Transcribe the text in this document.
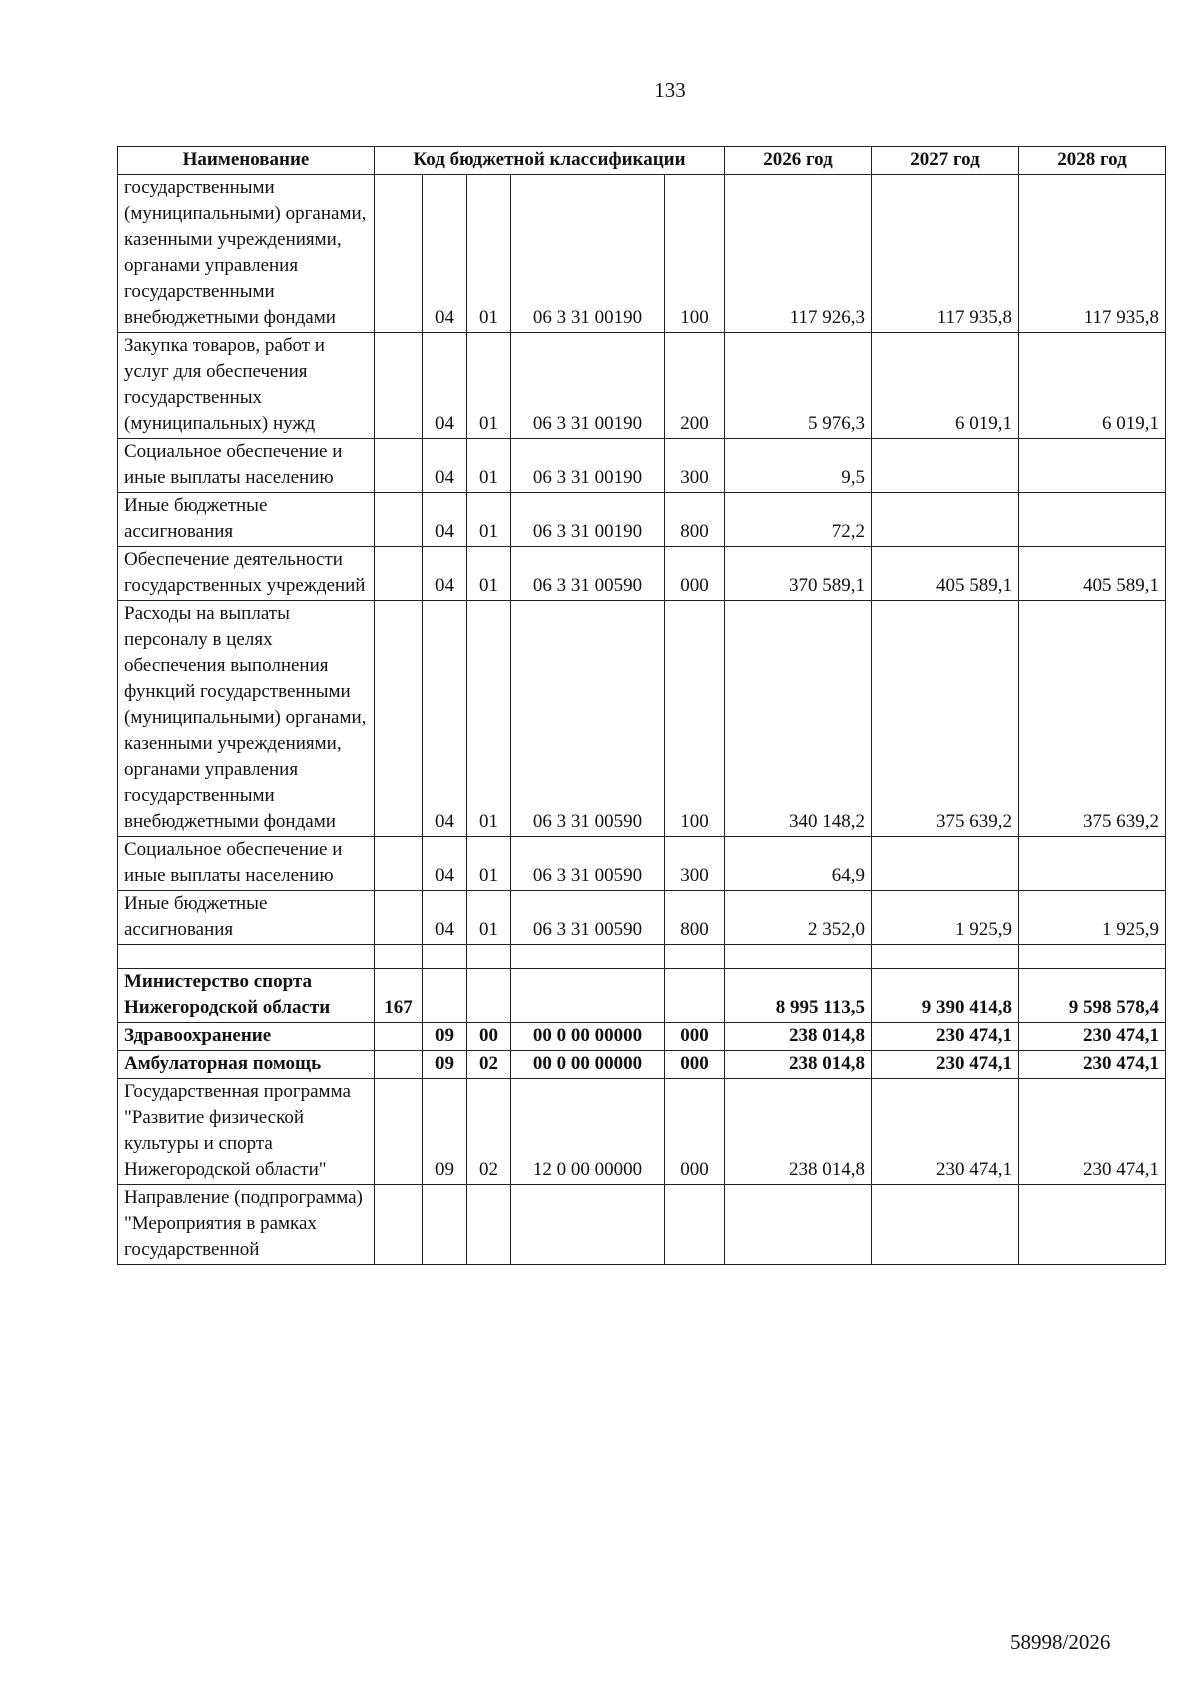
133
Наименование	Код бюджетной классификации					2026 год	2027 год	2028 год
государственными (муниципальными) органами, казенными учреждениями, органами управления государственными внебюджетными фондами		04	01	06 3 31 00190	100	117 926,3	117 935,8	117 935,8
Закупка товаров, работ и услуг для обеспечения государственных (муниципальных) нужд		04	01	06 3 31 00190	200	5 976,3	6 019,1	6 019,1
Социальное обеспечение и иные выплаты населению		04	01	06 3 31 00190	300	9,5		
Иные бюджетные ассигнования		04	01	06 3 31 00190	800	72,2		
Обеспечение деятельности государственных учреждений		04	01	06 3 31 00590	000	370 589,1	405 589,1	405 589,1
Расходы на выплаты персоналу в целях обеспечения выполнения функций государственными (муниципальными) органами, казенными учреждениями, органами управления государственными внебюджетными фондами		04	01	06 3 31 00590	100	340 148,2	375 639,2	375 639,2
Социальное обеспечение и иные выплаты населению		04	01	06 3 31 00590	300	64,9		
Иные бюджетные ассигнования		04	01	06 3 31 00590	800	2 352,0	1 925,9	1 925,9

Министерство спорта Нижегородской области	167					8 995 113,5	9 390 414,8	9 598 578,4
Здравоохранение		09	00	00 0 00 00000	000	238 014,8	230 474,1	230 474,1
Амбулаторная помощь		09	02	00 0 00 00000	000	238 014,8	230 474,1	230 474,1
Государственная программа "Развитие физической культуры и спорта Нижегородской области"		09	02	12 0 00 00000	000	238 014,8	230 474,1	230 474,1
Направление (подпрограмма) "Мероприятия в рамках государственной								
58998/2026
